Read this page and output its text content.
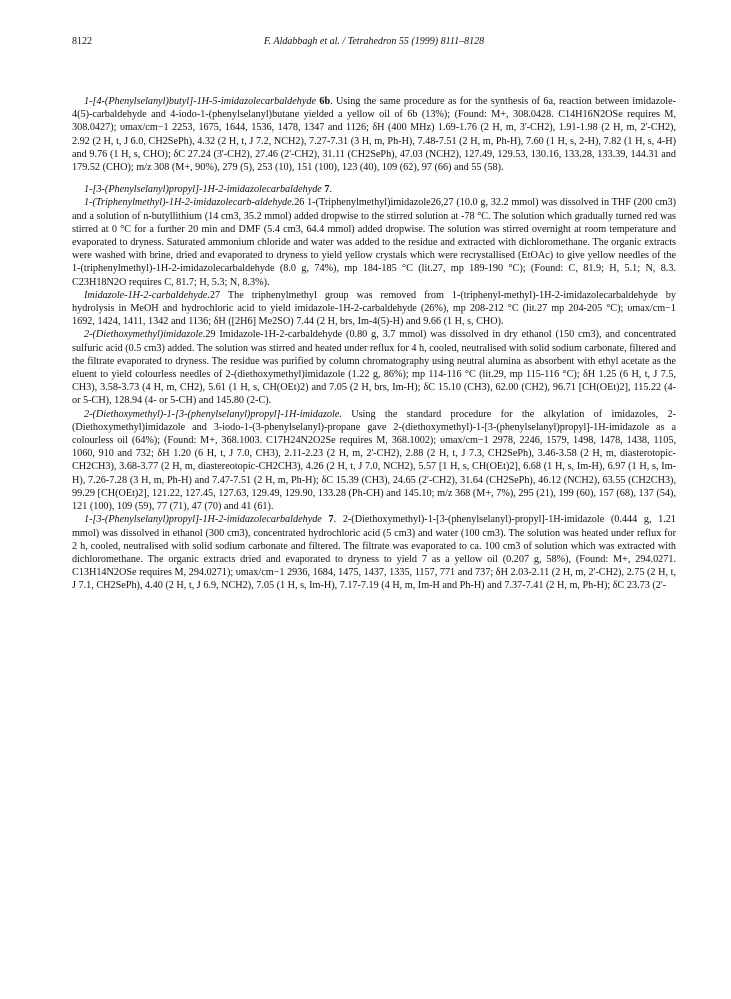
8122	F. Aldabbagh et al. / Tetrahedron 55 (1999) 8111–8128

1-[4-(Phenylselanyl)butyl]-1H-5-imidazolecarbaldehyde 6b. Using the same procedure as for the synthesis of 6a, reaction between imidazole-4(5)-carbaldehyde and 4-iodo-1-(phenylselanyl)butane yielded a yellow oil of 6b (13%); (Found: M+, 308.0428. C14H16N2OSe requires M, 308.0427); υmax/cm−1 2253, 1675, 1644, 1536, 1478, 1347 and 1126; δH (400 MHz) 1.69-1.76 (2 H, m, 3'-CH2), 1.91-1.98 (2 H, m, 2'-CH2), 2.92 (2 H, t, J 6.0, CH2SePh), 4.32 (2 H, t, J 7.2, NCH2), 7.27-7.31 (3 H, m, Ph-H), 7.48-7.51 (2 H, m, Ph-H), 7.60 (1 H, s, 2-H), 7.82 (1 H, s, 4-H) and 9.76 (1 H, s, CHO); δC 27.24 (3'-CH2), 27.46 (2'-CH2), 31.11 (CH2SePh), 47.03 (NCH2), 127.49, 129.53, 130.16, 133.28, 133.39, 144.31 and 179.52 (CHO); m/z 308 (M+, 90%), 279 (5), 253 (10), 151 (100), 123 (40), 109 (62), 97 (66) and 55 (58).

1-[3-(Phenylselanyl)propyl]-1H-2-imidazolecarbaldehyde 7.

1-(Triphenylmethyl)-1H-2-imidazolecarb-aldehyde.26 1-(Triphenylmethyl)imidazole26,27 (10.0 g, 32.2 mmol) was dissolved in THF (200 cm3) and a solution of n-butyllithium (14 cm3, 35.2 mmol) added dropwise to the stirred solution at -78 °C. The solution which gradually turned red was stirred at 0 °C for a further 20 min and DMF (5.4 cm3, 64.4 mmol) added dropwise. The solution was stirred overnight at room temperature and evaporated to dryness. Saturated ammonium chloride and water was added to the residue and extracted with dichloromethane. The organic extracts were washed with brine, dried and evaporated to dryness to yield yellow crystals which were recrystallised (EtOAc) to give yellow needles of the 1-(triphenylmethyl)-1H-2-imidazolecarbaldehyde (8.0 g, 74%), mp 184-185 °C (lit.27, mp 189-190 °C); (Found: C, 81.9; H, 5.1; N, 8.3. C23H18N2O requires C, 81.7; H, 5.3; N, 8.3%).

Imidazole-1H-2-carbaldehyde.27 The triphenylmethyl group was removed from 1-(triphenyl-methyl)-1H-2-imidazolecarbaldehyde by hydrolysis in MeOH and hydrochloric acid to yield imidazole-1H-2-carbaldehyde (26%), mp 208-212 °C (lit.27 mp 204-205 °C); υmax/cm−1 1692, 1424, 1411, 1342 and 1136; δH ([2H6] Me2SO) 7.44 (2 H, brs, Im-4(5)-H) and 9.66 (1 H, s, CHO).

2-(Diethoxymethyl)imidazole.29 Imidazole-1H-2-carbaldehyde (0.80 g, 3.7 mmol) was dissolved in dry ethanol (150 cm3), and concentrated sulfuric acid (0.5 cm3) added. The solution was stirred and heated under reflux for 4 h, cooled, neutralised with solid sodium carbonate, filtered and the filtrate evaporated to dryness. The residue was purified by column chromatography using neutral alumina as absorbent with ethyl acetate as the eluent to yield colourless needles of 2-(diethoxymethyl)imidazole (1.22 g, 86%); mp 114-116 °C (lit.29, mp 115-116 °C); δH 1.25 (6 H, t, J 7.5, CH3), 3.58-3.73 (4 H, m, CH2), 5.61 (1 H, s, CH(OEt)2) and 7.05 (2 H, brs, Im-H); δC 15.10 (CH3), 62.00 (CH2), 96.71 [CH(OEt)2], 115.22 (4- or 5-CH), 128.94 (4- or 5-CH) and 145.80 (2-C).

2-(Diethoxymethyl)-1-[3-(phenylselanyl)propyl]-1H-imidazole. Using the standard procedure for the alkylation of imidazoles, 2-(Diethoxymethyl)imidazole and 3-iodo-1-(3-phenylselanyl)-propane gave 2-(diethoxymethyl)-1-[3-(phenylselanyl)propyl]-1H-imidazole as a colourless oil (64%); (Found: M+, 368.1003. C17H24N2O2Se requires M, 368.1002); υmax/cm−1 2978, 2246, 1579, 1498, 1478, 1438, 1105, 1060, 910 and 732; δH 1.20 (6 H, t, J 7.0, CH3), 2.11-2.23 (2 H, m, 2'-CH2), 2.88 (2 H, t, J 7.3, CH2SePh), 3.46-3.58 (2 H, m, diasterotopic-CH2CH3), 3.68-3.77 (2 H, m, diastereotopic-CH2CH3), 4.26 (2 H, t, J 7.0, NCH2), 5.57 [1 H, s, CH(OEt)2], 6.68 (1 H, s, Im-H), 6.97 (1 H, s, Im-H), 7.26-7.28 (3 H, m, Ph-H) and 7.47-7.51 (2 H, m, Ph-H); δC 15.39 (CH3), 24.65 (2'-CH2), 31.64 (CH2SePh), 46.12 (NCH2), 63.55 (CH2CH3), 99.29 [CH(OEt)2], 121.22, 127.45, 127.63, 129.49, 129.90, 133.28 (Ph-CH) and 145.10; m/z 368 (M+, 7%), 295 (21), 199 (60), 157 (68), 137 (54), 121 (100), 109 (59), 77 (71), 47 (70) and 41 (61).

1-[3-(Phenylselanyl)propyl]-1H-2-imidazolecarbaldehyde 7. 2-(Diethoxymethyl)-1-[3-(phenylselanyl)-propyl]-1H-imidazole (0.444 g, 1.21 mmol) was dissolved in ethanol (300 cm3), concentrated hydrochloric acid (5 cm3) and water (100 cm3). The solution was heated under reflux for 2 h, cooled, neutralised with solid sodium carbonate and filtered. The filtrate was evaporated to ca. 100 cm3 of solution which was extracted with dichloromethane. The organic extracts dried and evaporated to dryness to yield 7 as a yellow oil (0.207 g, 58%), (Found: M+, 294.0271. C13H14N2OSe requires M, 294.0271); υmax/cm−1 2936, 1684, 1475, 1437, 1335, 1157, 771 and 737; δH 2.03-2.11 (2 H, m, 2'-CH2), 2.75 (2 H, t, J 7.1, CH2SePh), 4.40 (2 H, t, J 6.9, NCH2), 7.05 (1 H, s, Im-H), 7.17-7.19 (4 H, m, Im-H and Ph-H) and 7.37-7.41 (2 H, m, Ph-H); δC 23.73 (2'-
